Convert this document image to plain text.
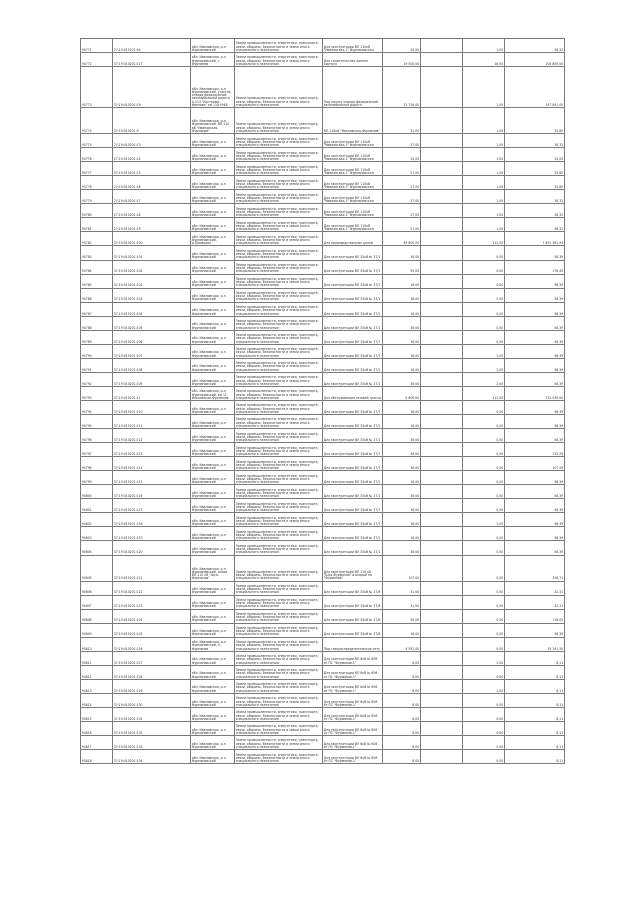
90771	27:19:010201:94	обл. Ивановская, р-н Фурмановский	Земли промышленности, энергетики, транспорта, связи, обороны, безопасности и земли иного специального назначения	Для эксплуатации ВЛ 110кВ "Ивановская-1" Фурмановская	20,00		1,00	26,32
90772	37:19:010201:117	обл. Ивановская, р-н Фурмановский, г. Фурманов	Земли промышленности, энергетики, транспорта, связи, обороны, безопасности и земли иного специального назначения	Для строительства жилого корпуса	19 000,00		16,00	204 850,00
90773	37:19:010201:19	обл. Ивановская, р-н Фурмановский, участок отвода федеральной автомобильной дороги А-113 "Кострома-Иваново" км 118+948	Земли промышленности, энергетики, транспорта, связи, обороны, безопасности и земли иного специального назначения	Под полосу отвода федеральной автомобильной дороги	21 726,00		1,00	147 841,00
90774	37:19:010201:9	обл. Ивановская, р-н Фурмановский, ВЛ-110 кВ "Ивановская-Фурманов"	Земли промышленности, энергетики, транспорта, связи, обороны, безопасности и земли иного специального назначения	ВЛ-110кВ "Ивановская-Фурманов"	31,00		1,00	25,80
90775	27:19:010201:13	обл. Ивановская, р-н Фурмановский	Земли промышленности, энергетики, транспорта, связи, обороны, безопасности и земли иного специального назначения	Для эксплуатации ВЛ 110кВ "Ивановская-1" Фурмановская	27,00		1,00	26,32
90776	27:19:010201:14	обл. Ивановская, р-н Фурмановский	Земли промышленности, энергетики, транспорта, связи, обороны, безопасности и земли иного специального назначения	Для эксплуатации ВЛ 110кВ "Ивановская-1" Фурмановская	23,00		1,00	24,00
90777	37:19:010201:15	обл. Ивановская, р-н Фурмановский	Земли промышленности, энергетики, транспорта, связи, обороны, безопасности и земли иного специального назначения	Для эксплуатации ВЛ 110кВ "Ивановская-1" Фурмановская	27,00		1,00	25,80
90778	27:19:010201:16	обл. Ивановская, р-н Фурмановский	Земли промышленности, энергетики, транспорта, связи, обороны, безопасности и земли иного специального назначения	Для эксплуатации ВЛ 110кВ "Ивановская-1" Фурмановская	27,00		1,00	25,80
90779	27:19:010201:17	обл. Ивановская, р-н Фурмановский	Земли промышленности, энергетики, транспорта, связи, обороны, безопасности и земли иного специального назначения	Для эксплуатации ВЛ 110кВ "Ивановская-1" Фурмановская	27,00		1,00	26,32
90780	27:19:010201:18	обл. Ивановская, р-н Фурмановский	Земли промышленности, энергетики, транспорта, связи, обороны, безопасности и земли иного специального назначения	Для эксплуатации ВЛ 110кВ "Ивановская-1" Фурмановская	27,00		1,00	26,32
90781	27:19:010201:19	обл. Ивановская, р-н Фурмановский	Земли промышленности, энергетики, транспорта, связи, обороны, безопасности и земли иного специального назначения	Для эксплуатации ВЛ 110кВ "Ивановская-1" Фурмановская	27,00		1,00	26,32
90782	37:19:010201:100	обл. Ивановская, р-н Фурмановский, д.Хромцово	Земли промышленности, энергетики, транспорта, связи, обороны, безопасности и земли иного специального назначения	Для производственных целей	63 600,00		112,50	7 851 361,94
90783	37:19:010201:101	обл. Ивановская, р-н Фурмановский	Земли промышленности, энергетики, транспорта, связи, обороны, безопасности и земли иного специального назначения	Для эксплуатации ВЛ 35кВ № 37/1	16,00		0,00	56,39
90784	37:19:010201:102	обл. Ивановская, р-н Фурмановский	Земли промышленности, энергетики, транспорта, связи, обороны, безопасности и земли иного специального назначения	Для эксплуатации ВЛ 35кВ № 37/1	59,00		0,00	176,45
90785	37:19:010201:103	обл. Ивановская, р-н Фурмановский	Земли промышленности, энергетики, транспорта, связи, обороны, безопасности и земли иного специального назначения	Для эксплуатации ВЛ 35кВ № 37/1	16,00		0,00	56,39
90786	37:19:010201:103	обл. Ивановская, р-н Фурмановский	Земли промышленности, энергетики, транспорта, связи, обороны, безопасности и земли иного специального назначения	Для эксплуатации ВЛ 35кВ № 37/1	16,00		0,00	56,39
90787	37:19:010201:104	обл. Ивановская, р-н Фурмановский	Земли промышленности, энергетики, транспорта, связи, обороны, безопасности и земли иного специального назначения	Для эксплуатации ВЛ 35кВ № 37/1	16,00		0,00	56,39
90788	37:19:010201:105	обл. Ивановская, р-н Фурмановский	Земли промышленности, энергетики, транспорта, связи, обороны, безопасности и земли иного специального назначения	Для эксплуатации ВЛ 35кВ № 37/1	16,00		0,00	56,39
90789	37:19:010201:106	обл. Ивановская, р-н Фурмановский	Земли промышленности, энергетики, транспорта, связи, обороны, безопасности и земли иного специального назначения	Для эксплуатации ВЛ 35кВ № 37/1	16,00		0,00	56,39
90790	37:19:010201:107	обл. Ивановская, р-н Фурмановский	Земли промышленности, энергетики, транспорта, связи, обороны, безопасности и земли иного специального назначения	Для эксплуатации ВЛ 35кВ № 37/1	16,00		2,00	56,39
90791	37:19:010201:108	обл. Ивановская, р-н Фурмановский	Земли промышленности, энергетики, транспорта, связи, обороны, безопасности и земли иного специального назначения	Для эксплуатации ВЛ 35кВ № 37/1	16,00		2,00	56,39
90792	37:19:010201:109	обл. Ивановская, р-н Фурмановский	Земли промышленности, энергетики, транспорта, связи, обороны, безопасности и земли иного специального назначения	Для эксплуатации ВЛ 35кВ № 37/1	16,00		2,00	56,39
90793	37:19:010201:11	обл. Ивановская, р-н Фурмановский, км 11 Ивановская-Фурманов	Земли промышленности, энергетики, транспорта, связи, обороны, безопасности и земли иного специального назначения	Для обслуживания газовой трассы	6 600,00		112,50	731 930,00
90794	37:19:010201:110	обл. Ивановская, р-н Фурмановский	Земли промышленности, энергетики, транспорта, связи, обороны, безопасности и земли иного специального назначения	Для эксплуатации ВЛ 35кВ № 37/1	16,00		0,00	56,39
90795	37:19:010201:111	обл. Ивановская, р-н Фурмановский	Земли промышленности, энергетики, транспорта, связи, обороны, безопасности и земли иного специального назначения	Для эксплуатации ВЛ 35кВ № 37/1	16,00		0,00	56,39
90796	37:19:010201:112	обл. Ивановская, р-н Фурмановский	Земли промышленности, энергетики, транспорта, связи, обороны, безопасности и земли иного специального назначения	Для эксплуатации ВЛ 35кВ № 37/1	16,00		0,00	56,39
90797	37:19:010201:113	обл. Ивановская, р-н Фурмановский	Земли промышленности, энергетики, транспорта, связи, обороны, безопасности и земли иного специального назначения	Для эксплуатации ВЛ 35кВ № 37/1	44,00		0,00	115,29
90798	37:19:010201:114	обл. Ивановская, р-н Фурмановский	Земли промышленности, энергетики, транспорта, связи, обороны, безопасности и земли иного специального назначения	Для эксплуатации ВЛ 35кВ № 37/1	36,00		0,00	107,59
90799	37:19:010201:115	обл. Ивановская, р-н Фурмановский	Земли промышленности, энергетики, транспорта, связи, обороны, безопасности и земли иного специального назначения	Для эксплуатации ВЛ 35кВ № 37/1	16,00		0,00	56,39
90800	37:19:010201:116	обл. Ивановская, р-н Фурмановский	Земли промышленности, энергетики, транспорта, связи, обороны, безопасности и земли иного специального назначения	Для эксплуатации ВЛ 35кВ № 37/1	16,00		0,00	56,39
90801	37:19:010201:117	обл. Ивановская, р-н Фурмановский	Земли промышленности, энергетики, транспорта, связи, обороны, безопасности и земли иного специального назначения	Для эксплуатации ВЛ 35кВ № 37/1	16,00		0,00	56,39
90802	37:19:010201:118	обл. Ивановская, р-н Фурмановский	Земли промышленности, энергетики, транспорта, связи, обороны, безопасности и земли иного специального назначения	Для эксплуатации ВЛ 35кВ № 37/1	16,00		2,00	56,39
90803	37:19:010201:119	обл. Ивановская, р-н Фурмановский	Земли промышленности, энергетики, транспорта, связи, обороны, безопасности и земли иного специального назначения	Для эксплуатации ВЛ 35кВ № 37/1	16,00		0,00	56,39
90804	37:19:010201:120	обл. Ивановская, р-н Фурмановский	Земли промышленности, энергетики, транспорта, связи, обороны, безопасности и земли иного специального назначения	Для эксплуатации ВЛ 35кВ № 37/1	16,00		0,00	56,39
90805	37:19:010201:121	обл. Ивановская, р-н Фурмановский, опора ВЛ-110 кВ "Шуя-Фурманов"	Земли промышленности, энергетики, транспорта, связи, обороны, безопасности и земли иного специального назначения	Для эксплуатации ВЛ 110 кВ "Шуя-Фурманов" и опорой на "Фурманов"	107,00		0,00	316,71
90806	37:19:010201:122	обл. Ивановская, р-н Фурмановский	Земли промышленности, энергетики, транспорта, связи, обороны, безопасности и земли иного специального назначения	Для эксплуатации ВЛ 35кВ № 37/8	31,00		0,00	42,31
90807	37:19:010201:123	обл. Ивановская, р-н Фурмановский	Земли промышленности, энергетики, транспорта, связи, обороны, безопасности и земли иного специального назначения	Для эксплуатации ВЛ 35кВ № 37/8	31,00		0,00	42,31
90808	37:19:010201:124	обл. Ивановская, р-н Фурмановский	Земли промышленности, энергетики, транспорта, связи, обороны, безопасности и земли иного специального назначения	Для эксплуатации ВЛ 35кВ № 37/8	59,00		0,00	116,05
90809	37:19:010201:125	обл. Ивановская, р-н Фурмановский	Земли промышленности, энергетики, транспорта, связи, обороны, безопасности и земли иного специального назначения	Для эксплуатации ВЛ 35кВ № 37/8	16,00		0,00	56,39
90810	37:19:010201:126	обл. Ивановская, р-н Фурмановский, п. Фурманов	Земли промышленности, энергетики, транспорта, связи, обороны, безопасности и земли иного специального назначения	Под газораспределительную сеть	4 552,00		0,00	19 241,50
90811	37:19:010201:127	обл. Ивановская, р-н Фурмановский	Земли промышленности, энергетики, транспорта, связи, обороны, безопасности и земли иного специального назначения	Для эксплуатации ВЛ 6кВ № 606 от ПС "Фурманов-1"	8,00		2,00	8,11
90812	37:19:010201:128	обл. Ивановская, р-н Фурмановский	Земли промышленности, энергетики, транспорта, связи, обороны, безопасности и земли иного специального назначения	Для эксплуатации ВЛ 6кВ № 606 от ПС "Фурманов-1"	8,00		0,00	8,11
90813	37:19:010201:129	обл. Ивановская, р-н Фурмановский	Земли промышленности, энергетики, транспорта, связи, обороны, безопасности и земли иного специального назначения	Для эксплуатации ВЛ 6кВ № 606 от ПС "Фурманов-1"	8,00		2,00	8,11
90814	37:19:010201:130	обл. Ивановская, р-н Фурмановский	Земли промышленности, энергетики, транспорта, связи, обороны, безопасности и земли иного специального назначения	Для эксплуатации ВЛ 6кВ № 606 от ПС "Фурманов-1"	8,00		0,00	8,11
90815	37:19:010201:131	обл. Ивановская, р-н Фурмановский	Земли промышленности, энергетики, транспорта, связи, обороны, безопасности и земли иного специального назначения	Для эксплуатации ВЛ 6кВ № 606 от ПС "Фурманов-1"	8,00		0,00	8,11
90816	37:19:010201:132	обл. Ивановская, р-н Фурмановский	Земли промышленности, энергетики, транспорта, связи, обороны, безопасности и земли иного специального назначения	Для эксплуатации ВЛ 6кВ № 606 от ПС "Фурманов-1"	8,00		0,00	8,11
90817	37:19:010201:133	обл. Ивановская, р-н Фурмановский	Земли промышленности, энергетики, транспорта, связи, обороны, безопасности и земли иного специального назначения	Для эксплуатации ВЛ 6кВ № 606 от ПС "Фурманов-1"	8,00		0,00	8,11
90818	37:19:010201:134	обл. Ивановская, р-н Фурмановский	Земли промышленности, энергетики, транспорта, связи, обороны, безопасности и земли иного специального назначения	Для эксплуатации ВЛ 6кВ № 606 от ПС "Фурманов-1"	8,00		0,00	8,11
